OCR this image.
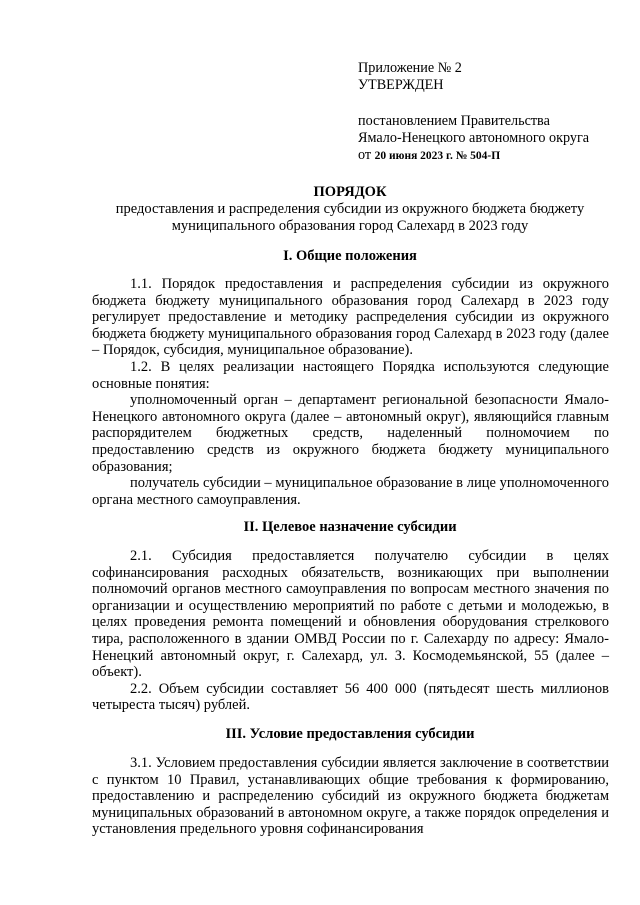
Приложение № 2
УТВЕРЖДЕН
постановлением Правительства
Ямало-Ненецкого автономного округа
от 20 июня 2023 г. № 504-П
ПОРЯДОК
предоставления и распределения субсидии из окружного бюджета бюджету
муниципального образования город Салехард в 2023 году
I. Общие положения

1.1. Порядок предоставления и распределения субсидии из окружного бюджета бюджету муниципального образования город Салехард в 2023 году регулирует предоставление и методику распределения субсидии из окружного бюджета бюджету муниципального образования город Салехард в 2023 году (далее – Порядок, субсидия, муниципальное образование).

1.2. В целях реализации настоящего Порядка используются следующие основные понятия:

уполномоченный орган – департамент региональной безопасности Ямало-Ненецкого автономного округа (далее – автономный округ), являющийся главным распорядителем бюджетных средств, наделенный полномочием по предоставлению средств из окружного бюджета бюджету муниципального образования;

получатель субсидии – муниципальное образование в лице уполномоченного органа местного самоуправления.

II. Целевое назначение субсидии

2.1. Субсидия предоставляется получателю субсидии в целях софинансирования расходных обязательств, возникающих при выполнении полномочий органов местного самоуправления по вопросам местного значения по организации и осуществлению мероприятий по работе с детьми и молодежью, в целях проведения ремонта помещений и обновления оборудования стрелкового тира, расположенного в здании ОМВД России по г. Салехарду по адресу: Ямало-Ненецкий автономный округ, г. Салехард, ул. З. Космодемьянской, 55 (далее – объект).

2.2. Объем субсидии составляет 56 400 000 (пятьдесят шесть миллионов четыреста тысяч) рублей.

III. Условие предоставления субсидии

3.1. Условием предоставления субсидии является заключение в соответствии с пунктом 10 Правил, устанавливающих общие требования к формированию, предоставлению и распределению субсидий из окружного бюджета бюджетам муниципальных образований в автономном округе, а также порядок определения и установления предельного уровня софинансирования
